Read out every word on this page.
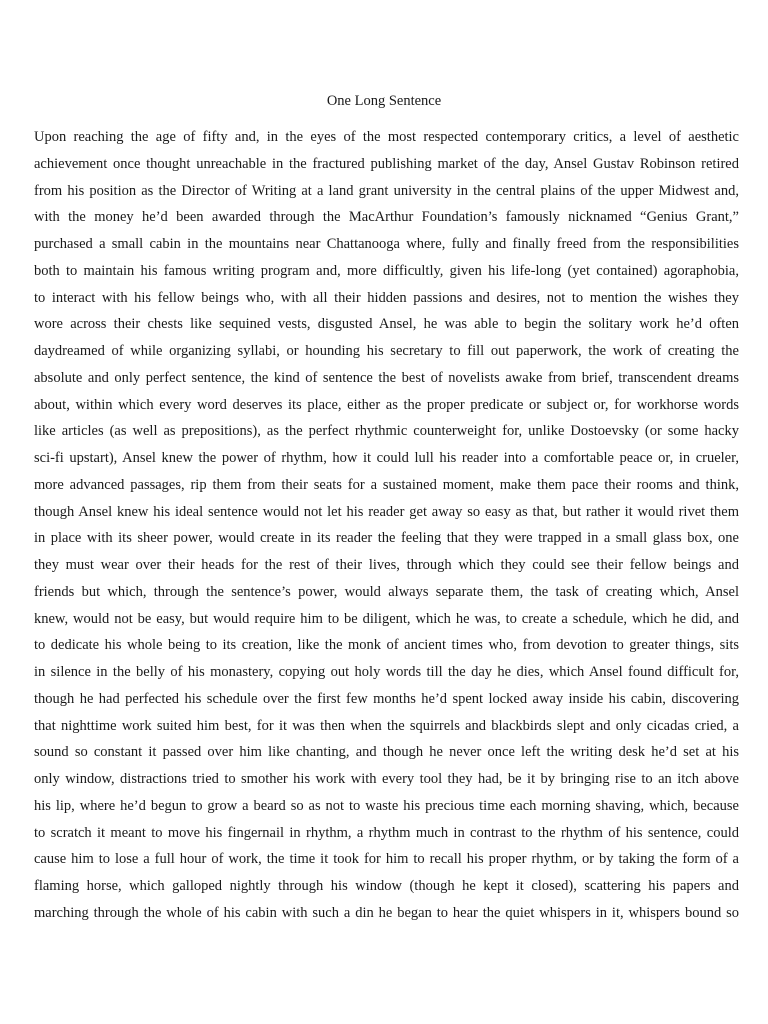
One Long Sentence
Upon reaching the age of fifty and, in the eyes of the most respected contemporary critics, a level of aesthetic
achievement once thought unreachable in the fractured publishing market of the day, Ansel Gustav Robinson retired
from his position as the Director of Writing at a land grant university in the central plains of the upper Midwest and,
with the money he’d been awarded through the MacArthur Foundation’s famously nicknamed “Genius Grant,”
purchased a small cabin in the mountains near Chattanooga where, fully and finally freed from the responsibilities
both to maintain his famous writing program and, more difficultly, given his life-long (yet contained) agoraphobia,
to interact with his fellow beings who, with all their hidden passions and desires, not to mention the wishes they
wore across their chests like sequined vests, disgusted Ansel, he was able to begin the solitary work he’d often
daydreamed of while organizing syllabi, or hounding his secretary to fill out paperwork, the work of creating the
absolute and only perfect sentence, the kind of sentence the best of novelists awake from brief, transcendent dreams
about, within which every word deserves its place, either as the proper predicate or subject or, for workhorse words
like articles (as well as prepositions), as the perfect rhythmic counterweight for, unlike Dostoevsky (or some hacky
sci-fi upstart), Ansel knew the power of rhythm, how it could lull his reader into a comfortable peace or, in crueler,
more advanced passages, rip them from their seats for a sustained moment, make them pace their rooms and think,
though Ansel knew his ideal sentence would not let his reader get away so easy as that, but rather it would rivet them
in place with its sheer power, would create in its reader the feeling that they were trapped in a small glass box, one
they must wear over their heads for the rest of their lives, through which they could see their fellow beings and
friends but which, through the sentence’s power, would always separate them, the task of creating which, Ansel
knew, would not be easy, but would require him to be diligent, which he was, to create a schedule, which he did, and
to dedicate his whole being to its creation, like the monk of ancient times who, from devotion to greater things, sits
in silence in the belly of his monastery, copying out holy words till the day he dies, which Ansel found difficult for,
though he had perfected his schedule over the first few months he’d spent locked away inside his cabin, discovering
that nighttime work suited him best, for it was then when the squirrels and blackbirds slept and only cicadas cried, a
sound so constant it passed over him like chanting, and though he never once left the writing desk he’d set at his
only window, distractions tried to smother his work with every tool they had, be it by bringing rise to an itch above
his lip, where he’d begun to grow a beard so as not to waste his precious time each morning shaving, which, because
to scratch it meant to move his fingernail in rhythm, a rhythm much in contrast to the rhythm of his sentence, could
cause him to lose a full hour of work, the time it took for him to recall his proper rhythm, or by taking the form of a
flaming horse, which galloped nightly through his window (though he kept it closed), scattering his papers and
marching through the whole of his cabin with such a din he began to hear the quiet whispers in it, whispers bound so
